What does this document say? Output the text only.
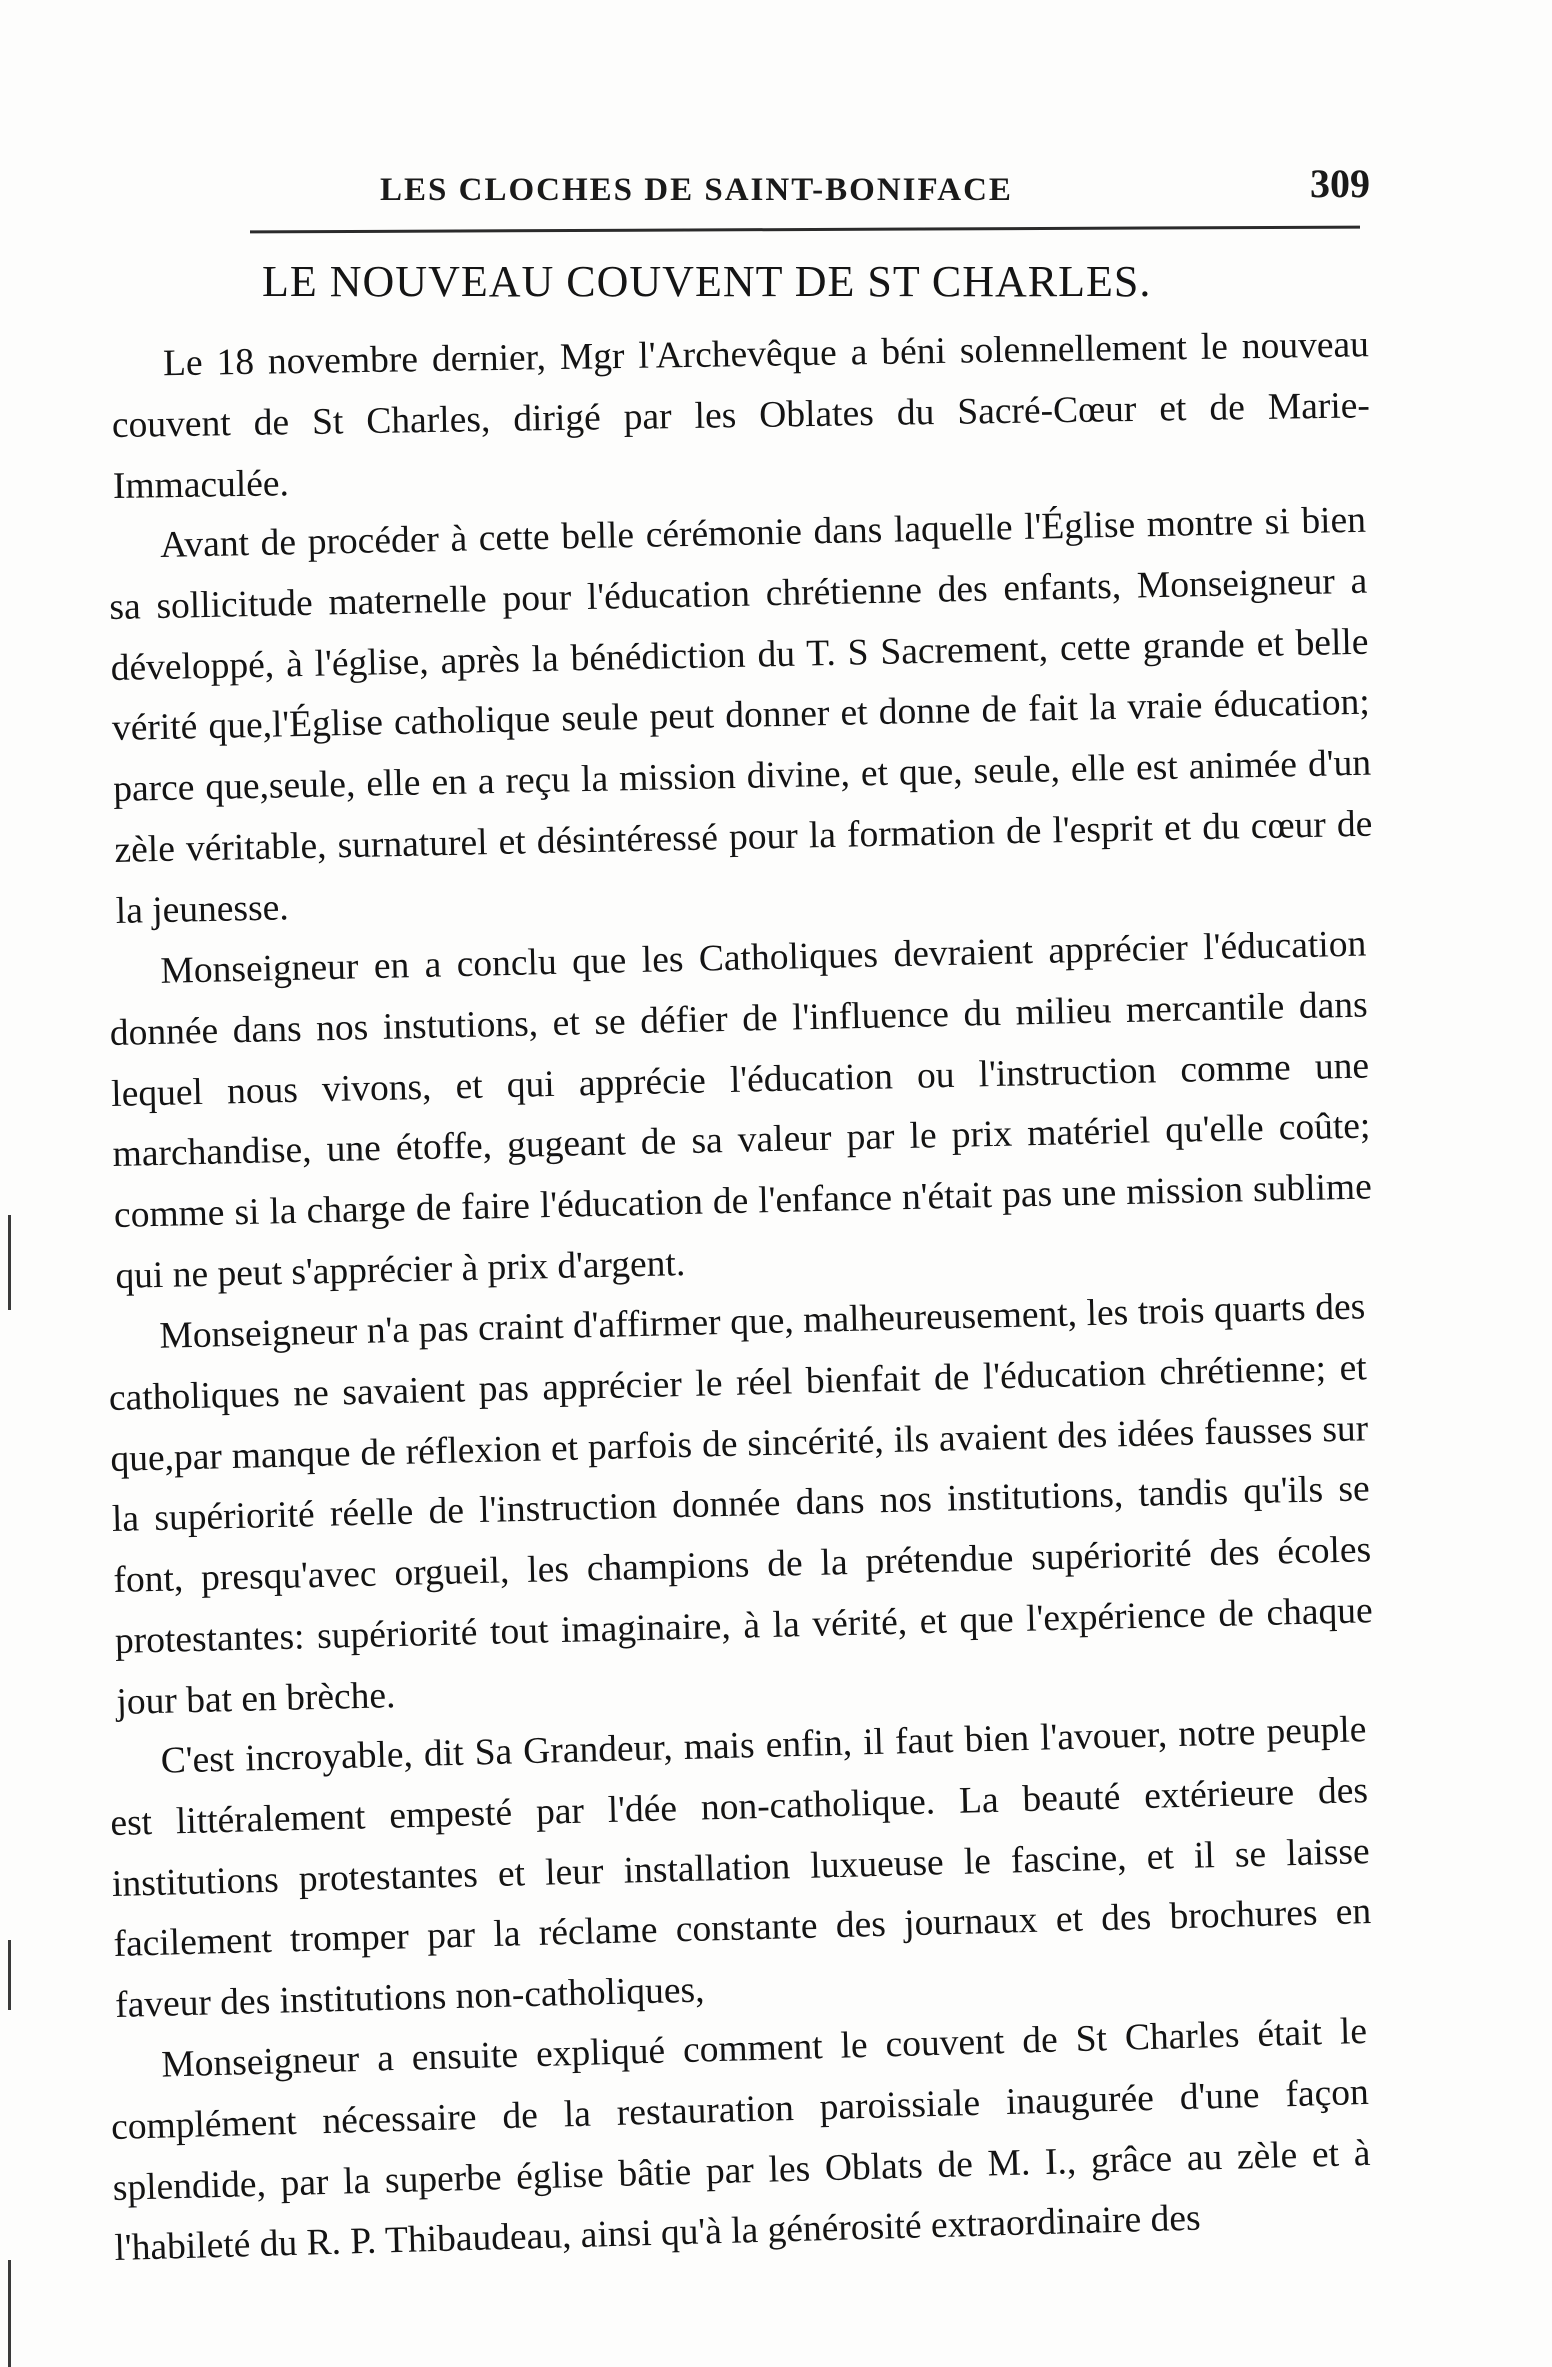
LES CLOCHES DE SAINT-BONIFACE	309
LE NOUVEAU COUVENT DE ST CHARLES.

Le 18 novembre dernier, Mgr l'Archevêque a béni solennellement le nouveau couvent de St Charles, dirigé par les Oblates du Sacré-Cœur et de Marie-Immaculée.

Avant de procéder à cette belle cérémonie dans laquelle l'Église montre si bien sa sollicitude maternelle pour l'éducation chrétienne des enfants, Monseigneur a développé, à l'église, après la bénédiction du T. S Sacrement, cette grande et belle vérité que,l'Église catholique seule peut donner et donne de fait la vraie éducation; parce que,seule, elle en a reçu la mission divine, et que, seule, elle est animée d'un zèle véritable, surnaturel et désintéressé pour la formation de l'esprit et du cœur de la jeunesse.

Monseigneur en a conclu que les Catholiques devraient apprécier l'éducation donnée dans nos instutions, et se défier de l'influence du milieu mercantile dans lequel nous vivons, et qui apprécie l'éducation ou l'instruction comme une marchandise, une étoffe, gugeant de sa valeur par le prix matériel qu'elle coûte; comme si la charge de faire l'éducation de l'enfance n'était pas une mission sublime qui ne peut s'apprécier à prix d'argent.

Monseigneur n'a pas craint d'affirmer que, malheureusement, les trois quarts des catholiques ne savaient pas apprécier le réel bienfait de l'éducation chrétienne; et que,par manque de réflexion et parfois de sincérité, ils avaient des idées fausses sur la supériorité réelle de l'instruction donnée dans nos institutions, tandis qu'ils se font, presqu'avec orgueil, les champions de la prétendue supériorité des écoles protestantes: supériorité tout imaginaire, à la vérité, et que l'expérience de chaque jour bat en brèche.

C'est incroyable, dit Sa Grandeur, mais enfin, il faut bien l'avouer, notre peuple est littéralement empesté par l'dée non-catholique. La beauté extérieure des institutions protestantes et leur installation luxueuse le fascine, et il se laisse facilement tromper par la réclame constante des journaux et des brochures en faveur des institutions non-catholiques,

Monseigneur a ensuite expliqué comment le couvent de St Charles était le complément nécessaire de la restauration paroissiale inaugurée d'une façon splendide, par la superbe église bâtie par les Oblats de M. I., grâce au zèle et à l'habileté du R. P. Thibaudeau, ainsi qu'à la générosité extraordinaire des
